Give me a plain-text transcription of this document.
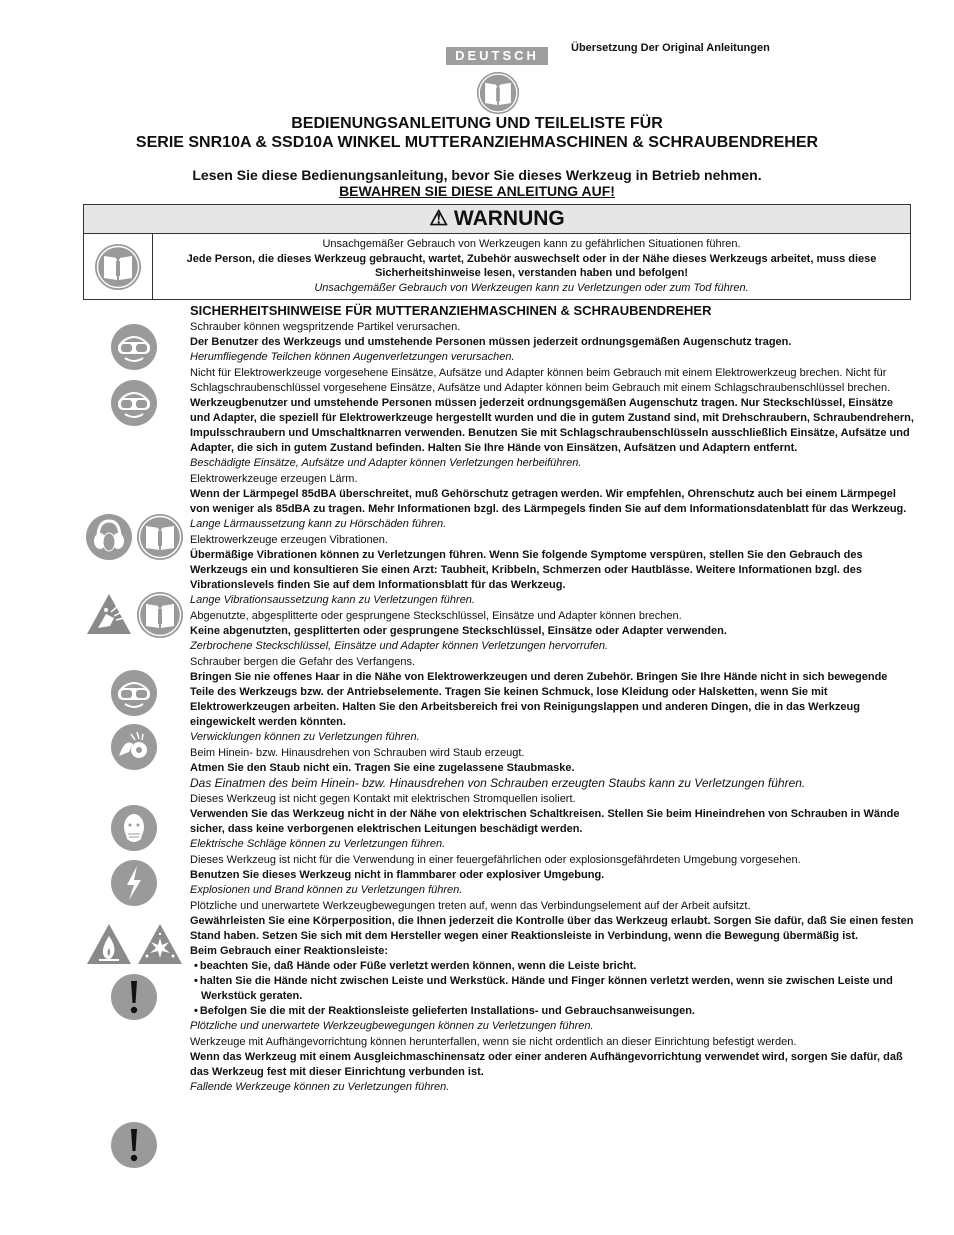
DEUTSCH	Übersetzung Der Original Anleitungen
BEDIENUNGSANLEITUNG UND TEILELISTE FÜR
SERIE SNR10A & SSD10A WINKEL MUTTERANZIEHMASCHINEN & SCHRAUBENDREHER
Lesen Sie diese Bedienungsanleitung, bevor Sie dieses Werkzeug in Betrieb nehmen.
BEWAHREN SIE DIESE ANLEITUNG AUF!
⚠ WARNUNG
Unsachgemäßer Gebrauch von Werkzeugen kann zu gefährlichen Situationen führen.
Jede Person, die dieses Werkzeug gebraucht, wartet, Zubehör auswechselt oder in der Nähe dieses Werkzeugs arbeitet, muss diese Sicherheitshinweise lesen, verstanden haben und befolgen!
Unsachgemäßer Gebrauch von Werkzeugen kann zu Verletzungen oder zum Tod führen.
SICHERHEITSHINWEISE FÜR MUTTERANZIEHMASCHINEN & SCHRAUBENDREHER
Schrauber können wegspritzende Partikel verursachen.
Der Benutzer des Werkzeugs und umstehende Personen müssen jederzeit ordnungsgemäßen Augenschutz tragen.
Herumfliegende Teilchen können Augenverletzungen verursachen.
Nicht für Elektrowerkzeuge vorgesehene Einsätze, Aufsätze und Adapter können beim Gebrauch mit einem Elektrowerkzeug brechen. Nicht für Schlagschraubenschlüssel vorgesehene Einsätze, Aufsätze und Adapter können beim Gebrauch mit einem Schlagschraubenschlüssel brechen.
Werkzeugbenutzer und umstehende Personen müssen jederzeit ordnungsgemäßen Augenschutz tragen. Nur Steckschlüssel, Einsätze und Adapter, die speziell für Elektrowerkzeuge hergestellt wurden und die in gutem Zustand sind, mit Drehschraubern, Schraubendrehern, Impulsschraubern und Umschaltknarren verwenden. Benutzen Sie mit Schlagschraubenschlüsseln ausschließlich Einsätze, Aufsätze und Adapter, die sich in gutem Zustand befinden. Halten Sie Ihre Hände von Einsätzen, Aufsätzen und Adaptern entfernt.
Beschädigte Einsätze, Aufsätze und Adapter können Verletzungen herbeiführen.
Elektrowerkzeuge erzeugen Lärm.
Wenn der Lärmpegel 85dBA überschreitet, muß Gehörschutz getragen werden. Wir empfehlen, Ohrenschutz auch bei einem Lärmpegel von weniger als 85dBA zu tragen. Mehr Informationen bzgl. des Lärmpegels finden Sie auf dem Informationsdatenblatt für das Werkzeug.
Lange Lärmaussetzung kann zu Hörschäden führen.
Elektrowerkzeuge erzeugen Vibrationen.
Übermäßige Vibrationen können zu Verletzungen führen. Wenn Sie folgende Symptome verspüren, stellen Sie den Gebrauch des Werkzeugs ein und konsultieren Sie einen Arzt: Taubheit, Kribbeln, Schmerzen oder Hautblässe. Weitere Informationen bzgl. des Vibrationslevels finden Sie auf dem Informationsblatt für das Werkzeug.
Lange Vibrationsaussetzung kann zu Verletzungen führen.
Abgenutzte, abgesplitterte oder gesprungene Steckschlüssel, Einsätze und Adapter können brechen.
Keine abgenutzten, gesplitterten oder gesprungene Steckschlüssel, Einsätze oder Adapter verwenden.
Zerbrochene Steckschlüssel, Einsätze und Adapter können Verletzungen hervorrufen.
Schrauber bergen die Gefahr des Verfangens.
Bringen Sie nie offenes Haar in die Nähe von Elektrowerkzeugen und deren Zubehör. Bringen Sie Ihre Hände nicht in sich bewegende Teile des Werkzeugs bzw. der Antriebselemente. Tragen Sie keinen Schmuck, lose Kleidung oder Halsketten, wenn Sie mit Elektrowerkzeugen arbeiten. Halten Sie den Arbeitsbereich frei von Reinigungslappen und anderen Dingen, die in das Werkzeug eingewickelt werden könnten.
Verwicklungen können zu Verletzungen führen.
Beim Hinein- bzw. Hinausdrehen von Schrauben wird Staub erzeugt.
Atmen Sie den Staub nicht ein. Tragen Sie eine zugelassene Staubmaske.
Das Einatmen des beim Hinein- bzw. Hinausdrehen von Schrauben erzeugten Staubs kann zu Verletzungen führen.
Dieses Werkzeug ist nicht gegen Kontakt mit elektrischen Stromquellen isoliert.
Verwenden Sie das Werkzeug nicht in der Nähe von elektrischen Schaltkreisen. Stellen Sie beim Hineindrehen von Schrauben in Wände sicher, dass keine verborgenen elektrischen Leitungen beschädigt werden.
Elektrische Schläge können zu Verletzungen führen.
Dieses Werkzeug ist nicht für die Verwendung in einer feuergefährlichen oder explosionsgefährdeten Umgebung vorgesehen.
Benutzen Sie dieses Werkzeug nicht in flammbarer oder explosiver Umgebung.
Explosionen und Brand können zu Verletzungen führen.
Plötzliche und unerwartete Werkzeugbewegungen treten auf, wenn das Verbindungselement auf der Arbeit aufsitzt.
Gewährleisten Sie eine Körperposition, die Ihnen jederzeit die Kontrolle über das Werkzeug erlaubt. Sorgen Sie dafür, daß Sie einen festen Stand haben. Setzen Sie sich mit dem Hersteller wegen einer Reaktionsleiste in Verbindung, wenn die Bewegung übermäßig ist.
Beim Gebrauch einer Reaktionsleiste:
• beachten Sie, daß Hände oder Füße verletzt werden können, wenn die Leiste bricht.
• halten Sie die Hände nicht zwischen Leiste und Werkstück. Hände und Finger können verletzt werden, wenn sie zwischen Leiste und Werkstück geraten.
• Befolgen Sie die mit der Reaktionsleiste gelieferten Installations- und Gebrauchsanweisungen.
Plötzliche und unerwartete Werkzeugbewegungen können zu Verletzungen führen.
Werkzeuge mit Aufhängevorrichtung können herunterfallen, wenn sie nicht ordentlich an dieser Einrichtung befestigt werden.
Wenn das Werkzeug mit einem Ausgleichmaschinensatz oder einer anderen Aufhängevorrichtung verwendet wird, sorgen Sie dafür, daß das Werkzeug fest mit dieser Einrichtung verbunden ist.
Fallende Werkzeuge können zu Verletzungen führen.
